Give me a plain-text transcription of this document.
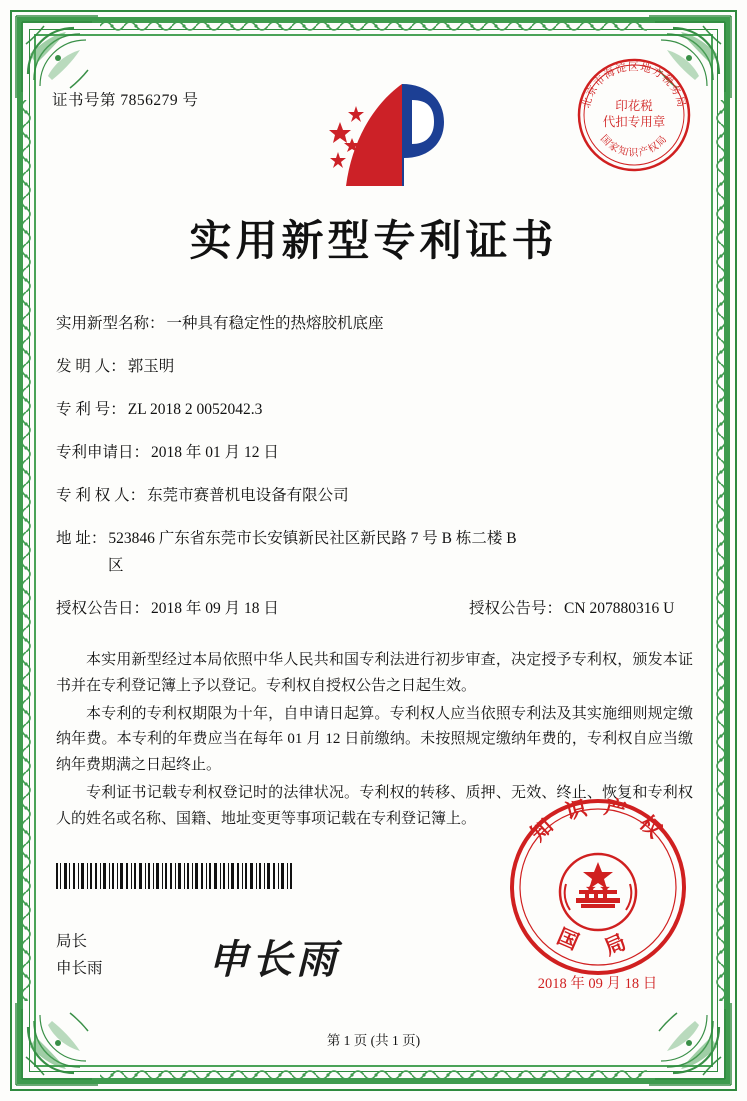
证书号第 7856279 号	北京市海淀区地方税务局
国家知识产权局
印花税
代扣专用章
实用新型专利证书
实用新型名称： 一种具有稳定性的热熔胶机底座
发 明 人： 郭玉明
专 利 号： ZL 2018 2 0052042.3
专利申请日： 2018 年 01 月 12 日
专 利 权 人： 东莞市赛普机电设备有限公司
地 址： 523846 广东省东莞市长安镇新民社区新民路 7 号 B 栋二楼 B
区
授权公告日： 2018 年 09 月 18 日	授权公告号： CN 207880316 U

本实用新型经过本局依照中华人民共和国专利法进行初步审查，决定授予专利权，颁发本证书并在专利登记簿上予以登记。专利权自授权公告之日起生效。

本专利的专利权期限为十年，自申请日起算。专利权人应当依照专利法及其实施细则规定缴纳年费。本专利的年费应当在每年 01 月 12 日前缴纳。未按照规定缴纳年费的，专利权自应当缴纳年费期满之日起终止。

专利证书记载专利权登记时的法律状况。专利权的转移、质押、无效、终止、恢复和专利权人的姓名或名称、国籍、地址变更等事项记载在专利登记簿上。

局长
申长雨	申长雨
知 识 产 权
国 局
2018 年 09 月 18 日
第 1 页 (共 1 页)
